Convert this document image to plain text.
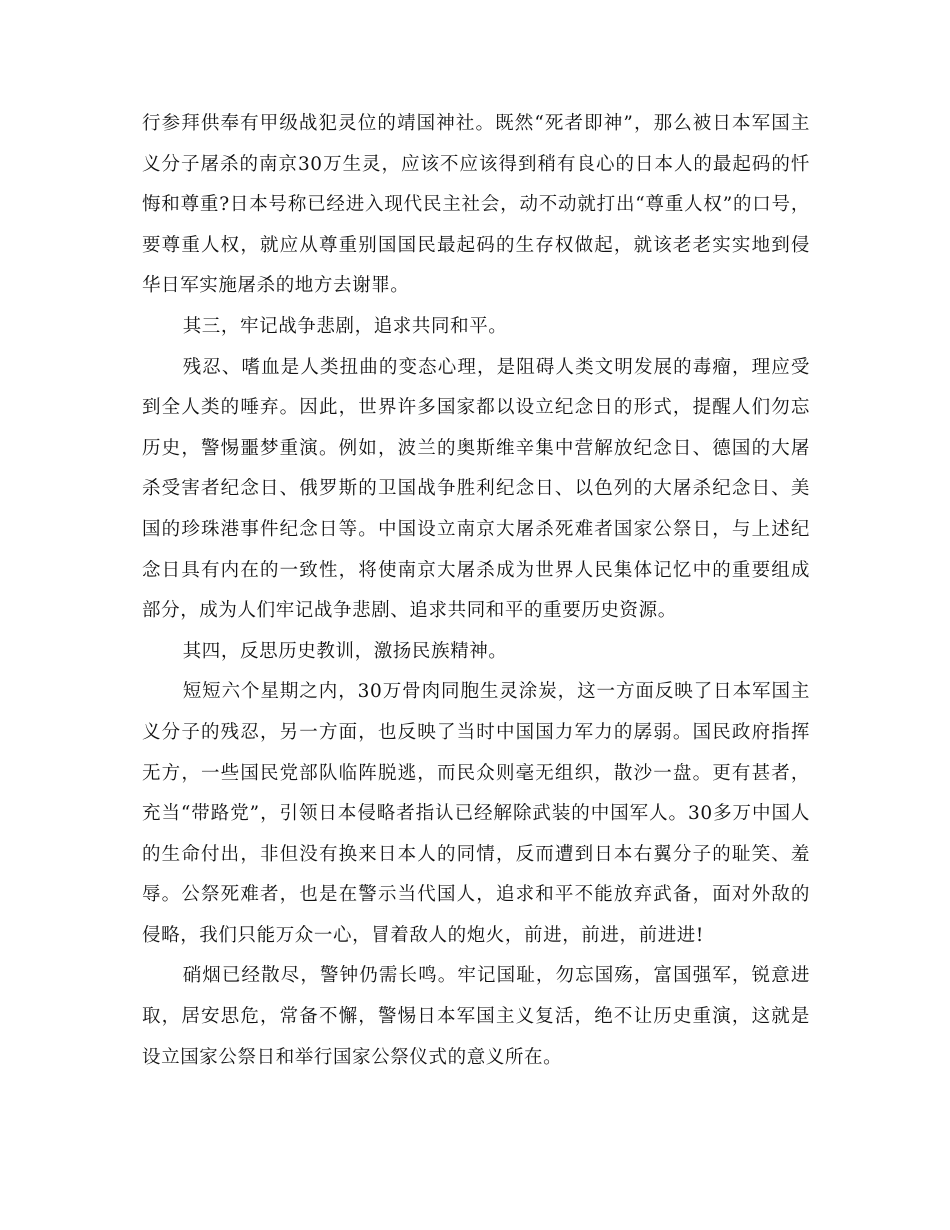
行参拜供奉有甲级战犯灵位的靖国神社。既然“死者即神”，那么被日本军国主义分子屠杀的南京30万生灵，应该不应该得到稍有良心的日本人的最起码的忏悔和尊重?日本号称已经进入现代民主社会，动不动就打出“尊重人权”的口号，要尊重人权，就应从尊重别国国民最起码的生存权做起，就该老老实实地到侵华日军实施屠杀的地方去谢罪。

其三，牢记战争悲剧，追求共同和平。

残忍、嗜血是人类扭曲的变态心理，是阻碍人类文明发展的毒瘤，理应受到全人类的唾弃。因此，世界许多国家都以设立纪念日的形式，提醒人们勿忘历史，警惕噩梦重演。例如，波兰的奥斯维辛集中营解放纪念日、德国的大屠杀受害者纪念日、俄罗斯的卫国战争胜利纪念日、以色列的大屠杀纪念日、美国的珍珠港事件纪念日等。中国设立南京大屠杀死难者国家公祭日，与上述纪念日具有内在的一致性，将使南京大屠杀成为世界人民集体记忆中的重要组成部分，成为人们牢记战争悲剧、追求共同和平的重要历史资源。

其四，反思历史教训，激扬民族精神。

短短六个星期之内，30万骨肉同胞生灵涂炭，这一方面反映了日本军国主义分子的残忍，另一方面，也反映了当时中国国力军力的孱弱。国民政府指挥无方，一些国民党部队临阵脱逃，而民众则毫无组织，散沙一盘。更有甚者，充当“带路党”，引领日本侵略者指认已经解除武装的中国军人。30多万中国人的生命付出，非但没有换来日本人的同情，反而遭到日本右翼分子的耻笑、羞辱。公祭死难者，也是在警示当代国人，追求和平不能放弃武备，面对外敌的侵略，我们只能万众一心，冒着敌人的炮火，前进，前进，前进进!

硝烟已经散尽，警钟仍需长鸣。牢记国耻，勿忘国殇，富国强军，锐意进取，居安思危，常备不懈，警惕日本军国主义复活，绝不让历史重演，这就是设立国家公祭日和举行国家公祭仪式的意义所在。
